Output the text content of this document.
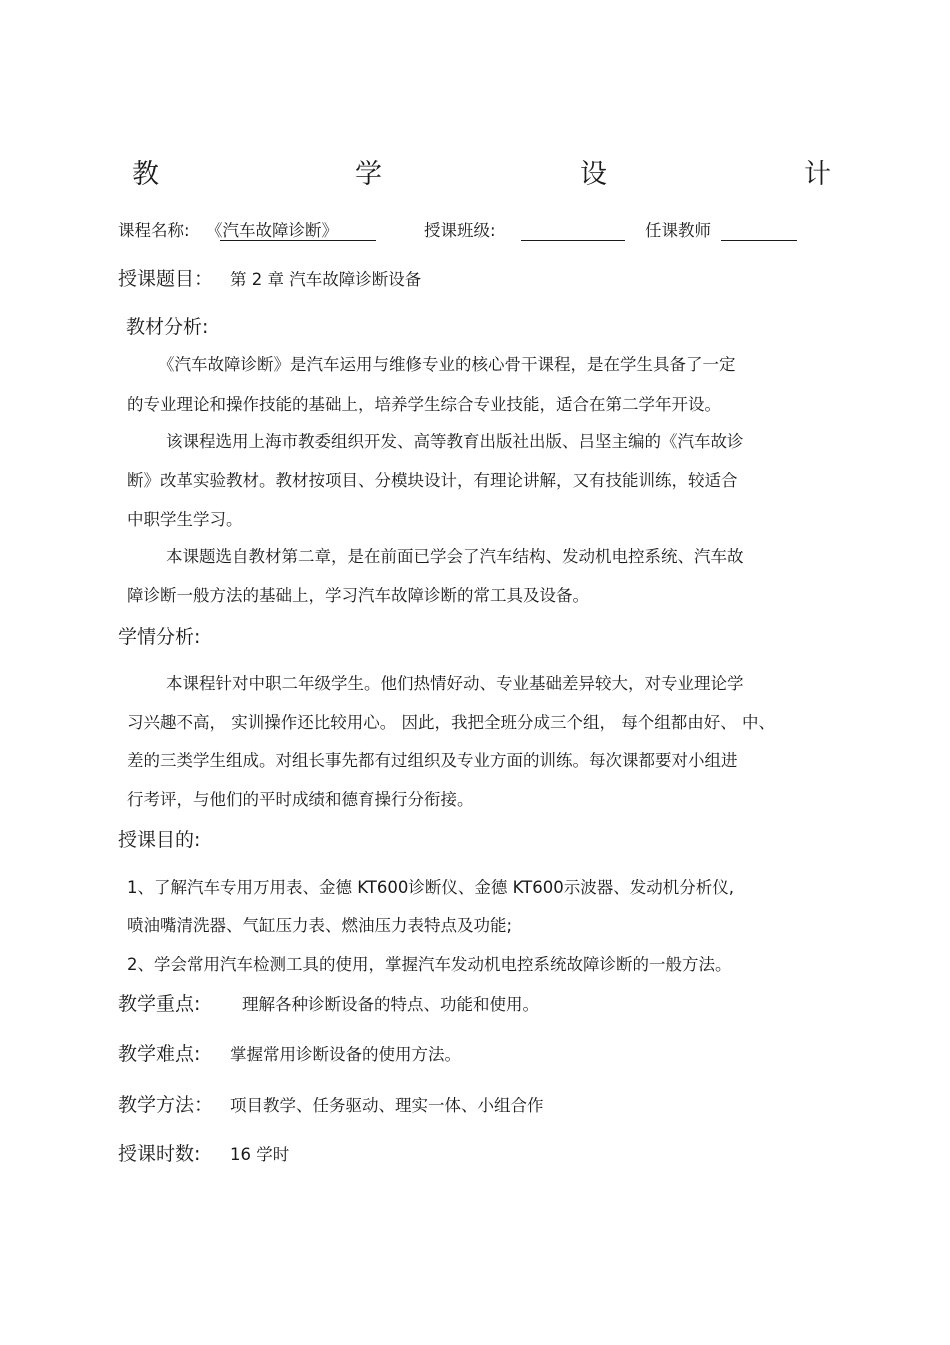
教	学	设	计
课程名称: 《汽车故障诊断》	授课班级:	任课教师
授课题目： 第 2 章 汽车故障诊断设备
教材分析:
《汽车故障诊断》是汽车运用与维修专业的核心骨干课程，是在学生具备了一定
的专业理论和操作技能的基础上，培养学生综合专业技能，适合在第二学年开设。
该课程选用上海市教委组织开发、高等教育出版社出版、吕坚主编的《汽车故诊
断》改革实验教材。教材按项目、分模块设计，有理论讲解，又有技能训练，较适合
中职学生学习。
本课题选自教材第二章，是在前面已学会了汽车结构、发动机电控系统、汽车故
障诊断一般方法的基础上，学习汽车故障诊断的常工具及设备。
学情分析:
本课程针对中职二年级学生。他们热情好动、专业基础差异较大，对专业理论学
习兴趣不高， 实训操作还比较用心。 因此，我把全班分成三个组， 每个组都由好、 中、
差的三类学生组成。对组长事先都有过组织及专业方面的训练。每次课都要对小组进
行考评，与他们的平时成绩和德育操行分衔接。
授课目的:
1、了解汽车专用万用表、金德 KT600诊断仪、金德 KT600示波器、发动机分析仪,
喷油嘴清洗器、气缸压力表、燃油压力表特点及功能;
2、学会常用汽车检测工具的使用，掌握汽车发动机电控系统故障诊断的一般方法。
教学重点:	理解各种诊断设备的特点、功能和使用。
教学难点: 掌握常用诊断设备的使用方法。
教学方法： 项目教学、任务驱动、理实一体、小组合作
授课时数: 16 学时
